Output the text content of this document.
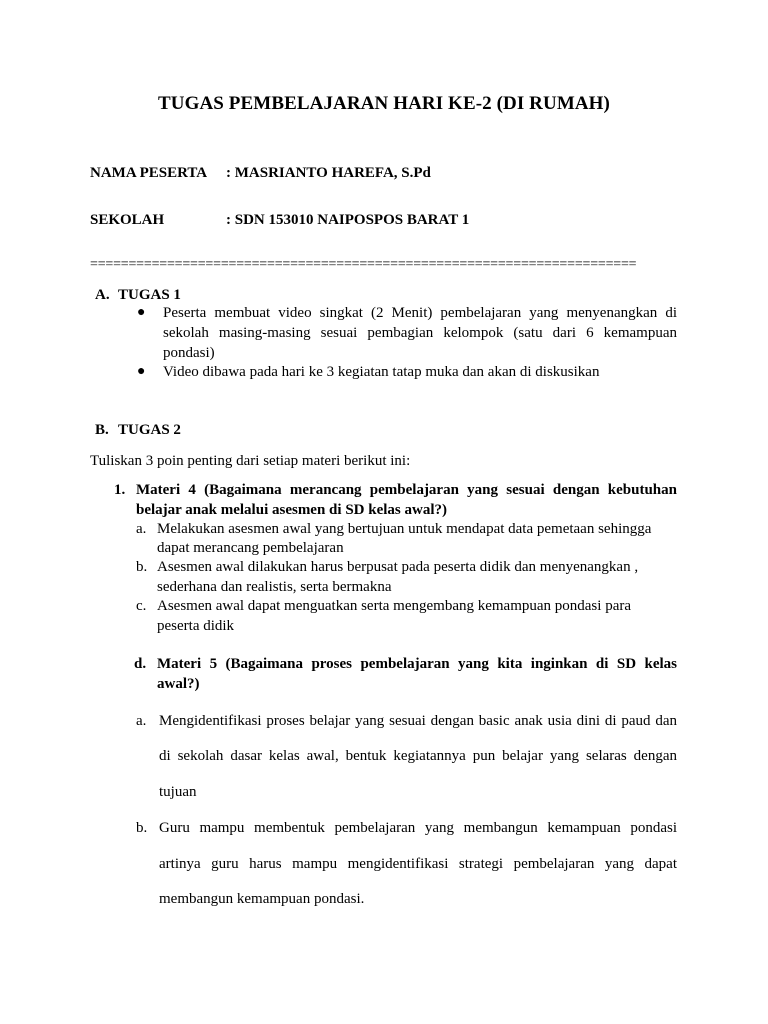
TUGAS PEMBELAJARAN HARI KE-2 (DI RUMAH)
NAMA PESERTA : MASRIANTO HAREFA, S.Pd
SEKOLAH	: SDN 153010 NAIPOSPOS BARAT 1
=======================================================================
A. TUGAS 1
● Peserta membuat video singkat (2 Menit) pembelajaran yang menyenangkan di
sekolah masing-masing sesuai pembagian kelompok (satu dari 6 kemampuan
pondasi)
● Video dibawa pada hari ke 3 kegiatan tatap muka dan akan di diskusikan
B. TUGAS 2
Tuliskan 3 poin penting dari setiap materi berikut ini:
1. Materi 4 (Bagaimana merancang pembelajaran yang sesuai dengan kebutuhan
belajar anak melalui asesmen di SD kelas awal?)
a. Melakukan asesmen awal yang bertujuan untuk mendapat data pemetaan sehingga
dapat merancang pembelajaran
b. Asesmen awal dilakukan harus berpusat pada peserta didik dan menyenangkan ,
sederhana dan realistis, serta bermakna
c. Asesmen awal dapat menguatkan serta mengembang kemampuan pondasi para
peserta didik
d. Materi 5 (Bagaimana proses pembelajaran yang kita inginkan di SD kelas
awal?)
a. Mengidentifikasi proses belajar yang sesuai dengan basic anak usia dini di paud dan
di sekolah dasar kelas awal, bentuk kegiatannya pun belajar yang selaras dengan
tujuan
b. Guru mampu membentuk pembelajaran yang membangun kemampuan pondasi
artinya guru harus mampu mengidentifikasi strategi pembelajaran yang dapat
membangun kemampuan pondasi.
